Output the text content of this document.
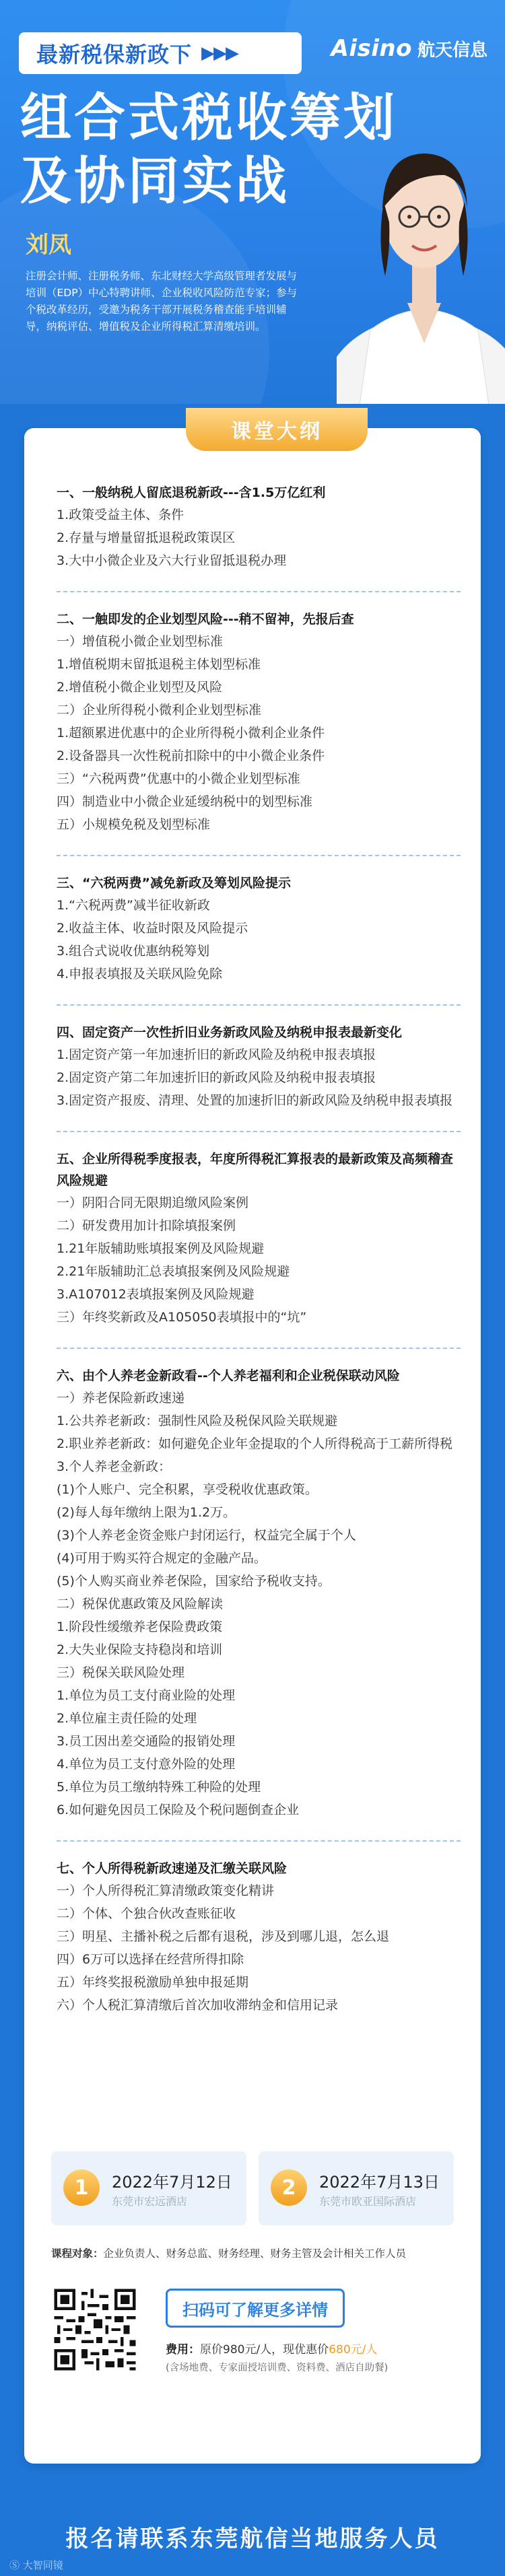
最新税保新政下 ▶▶▶	Aisino 航天信息
组合式税收筹划
及协同实战
刘凤
注册会计师、注册税务师、东北财经大学高级管理者发展与培训（EDP）中心特聘讲师、企业税收风险防范专家；参与个税改革经历，受邀为税务干部开展税务稽查能手培训辅导，纳税评估、增值税及企业所得税汇算清缴培训。
课堂大纲
一、一般纳税人留底退税新政---含1.5万亿红利
1.政策受益主体、条件
2.存量与增量留抵退税政策误区
3.大中小微企业及六大行业留抵退税办理
二、一触即发的企业划型风险---稍不留神，先报后查
一）增值税小微企业划型标准
1.增值税期末留抵退税主体划型标准
2.增值税小微企业划型及风险
二）企业所得税小微利企业划型标准
1.超额累进优惠中的企业所得税小微利企业条件
2.设备器具一次性税前扣除中的中小微企业条件
三）“六税两费”优惠中的小微企业划型标准
四）制造业中小微企业延缓纳税中的划型标准
五）小规模免税及划型标准
三、“六税两费”减免新政及筹划风险提示
1.“六税两费”减半征收新政
2.收益主体、收益时限及风险提示
3.组合式说收优惠纳税筹划
4.申报表填报及关联风险免除
四、固定资产一次性折旧业务新政风险及纳税申报表最新变化
1.固定资产第一年加速折旧的新政风险及纳税申报表填报
2.固定资产第二年加速折旧的新政风险及纳税申报表填报
3.固定资产报废、清理、处置的加速折旧的新政风险及纳税申报表填报
五、企业所得税季度报表，年度所得税汇算报表的最新政策及高频稽查风险规避
一）阴阳合同无限期追缴风险案例
二）研发费用加计扣除填报案例
1.21年版辅助账填报案例及风险规避
2.21年版辅助汇总表填报案例及风险规避
3.A107012表填报案例及风险规避
三）年终奖新政及A105050表填报中的“坑”
六、由个人养老金新政看--个人养老福利和企业税保联动风险
一）养老保险新政速递
1.公共养老新政：强制性风险及税保风险关联规避
2.职业养老新政：如何避免企业年金提取的个人所得税高于工薪所得税
3.个人养老金新政：
(1)个人账户、完全积累，享受税收优惠政策。
(2)每人每年缴纳上限为1.2万。
(3)个人养老金资金账户封闭运行，权益完全属于个人
(4)可用于购买符合规定的金融产品。
(5)个人购买商业养老保险，国家给予税收支持。
二）税保优惠政策及风险解读
1.阶段性缓缴养老保险费政策
2.大失业保险支持稳岗和培训
三）税保关联风险处理
1.单位为员工支付商业险的处理
2.单位雇主责任险的处理
3.员工因出差交通险的报销处理
4.单位为员工支付意外险的处理
5.单位为员工缴纳特殊工种险的处理
6.如何避免因员工保险及个税问题倒查企业
七、个人所得税新政速递及汇缴关联风险
一）个人所得税汇算清缴政策变化精讲
二）个体、个独合伙改查账征收
三）明星、主播补税之后都有退税，涉及到哪儿退，怎么退
四）6万可以选择在经营所得扣除
五）年终奖报税激励单独申报延期
六）个人税汇算清缴后首次加收滞纳金和信用记录
1	2022年7月12日
东莞市宏远酒店
2	2022年7月13日
东莞市欧亚国际酒店
课程对象：企业负责人、财务总监、财务经理、财务主管及会计相关工作人员
扫码可了解更多详情
费用：原价980元/人，现优惠价680元/人
(含场地费、专家面授培训费、资料费、酒店自助餐)
报名请联系东莞航信当地服务人员
Ⓢ 大智同镜
